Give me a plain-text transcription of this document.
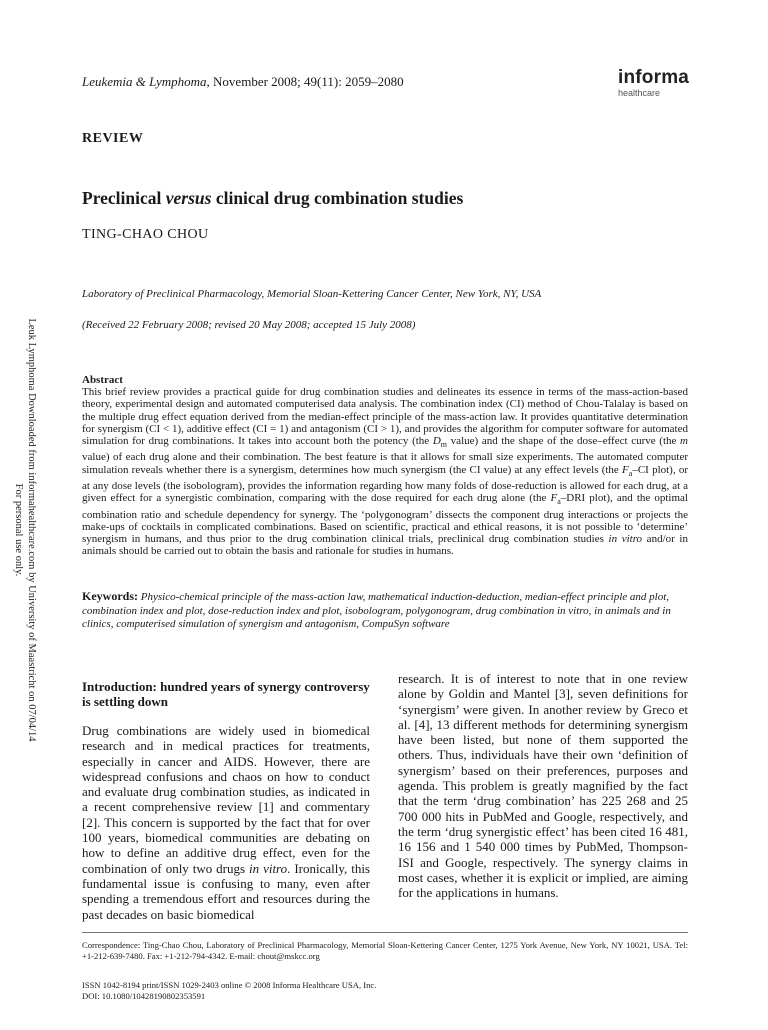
Leuk Lymphoma Downloaded from informahealthcare.com by University of Maastricht on 07/04/14
For personal use only.
Leukemia & Lymphoma, November 2008; 49(11): 2059–2080	informa
healthcare
REVIEW
Preclinical versus clinical drug combination studies
TING-CHAO CHOU
Laboratory of Preclinical Pharmacology, Memorial Sloan-Kettering Cancer Center, New York, NY, USA
(Received 22 February 2008; revised 20 May 2008; accepted 15 July 2008)
Abstract
This brief review provides a practical guide for drug combination studies and delineates its essence in terms of the mass-action-based theory, experimental design and automated computerised data analysis. The combination index (CI) method of Chou-Talalay is based on the multiple drug effect equation derived from the median-effect principle of the mass-action law. It provides quantitative determination for synergism (CI < 1), additive effect (CI = 1) and antagonism (CI > 1), and provides the algorithm for computer software for automated simulation for drug combinations. It takes into account both the potency (the $D_m$ value) and the shape of the dose–effect curve (the m value) of each drug alone and their combination. The best feature is that it allows for small size experiments. The automated computer simulation reveals whether there is a synergism, determines how much synergism (the CI value) at any effect levels (the $F_a-CI$ plot), or at any dose levels (the isobologram), provides the information regarding how many folds of dose-reduction is allowed for each drug, at a given effect for a synergistic combination, comparing with the dose required for each drug alone (the $F_a$–DRI plot), and the optimal combination ratio and schedule dependency for synergy. The ‘polygonogram’ dissects the component drug interactions or projects the make-ups of cocktails in complicated combinations. Based on scientific, practical and ethical reasons, it is not possible to ‘determine’ synergism in humans, and thus prior to the drug combination clinical trials, preclinical drug combination studies in vitro and/or in animals should be carried out to obtain the basis and rationale for studies in humans.
Keywords: Physico-chemical principle of the mass-action law, mathematical induction-deduction, median-effect principle and plot, combination index and plot, dose-reduction index and plot, isobologram, polygonogram, drug combination in vitro, in animals and in clinics, computerised simulation of synergism and antagonism, CompuSyn software
Introduction: hundred years of synergy controversy is settling down
Drug combinations are widely used in biomedical research and in medical practices for treatments, especially in cancer and AIDS. However, there are widespread confusions and chaos on how to conduct and evaluate drug combination studies, as indicated in a recent comprehensive review [1] and commentary [2]. This concern is supported by the fact that for over 100 years, biomedical communities are debating on how to define an additive drug effect, even for the combination of only two drugs in vitro. Ironically, this fundamental issue is confusing to many, even after spending a tremendous effort and resources during the past decades on basic biomedical
research. It is of interest to note that in one review alone by Goldin and Mantel [3], seven definitions for ‘synergism’ were given. In another review by Greco et al. [4], 13 different methods for determining synergism have been listed, but none of them supported the others. Thus, individuals have their own ‘definition of synergism’ based on their preferences, purposes and agenda. This problem is greatly magnified by the fact that the term ‘drug combination’ has 225 268 and 25 700 000 hits in PubMed and Google, respectively, and the term ‘drug synergistic effect’ has been cited 16 481, 16 156 and 1 540 000 times by PubMed, Thompson-ISI and Google, respectively. The synergy claims in most cases, whether it is explicit or implied, are aiming for the applications in humans.
Correspondence: Ting-Chao Chou, Laboratory of Preclinical Pharmacology, Memorial Sloan-Kettering Cancer Center, 1275 York Avenue, New York, NY 10021, USA. Tel: +1-212-639-7480. Fax: +1-212-794-4342. E-mail: chout@mskcc.org
ISSN 1042-8194 print/ISSN 1029-2403 online © 2008 Informa Healthcare USA, Inc.
DOI: 10.1080/10428190802353591
